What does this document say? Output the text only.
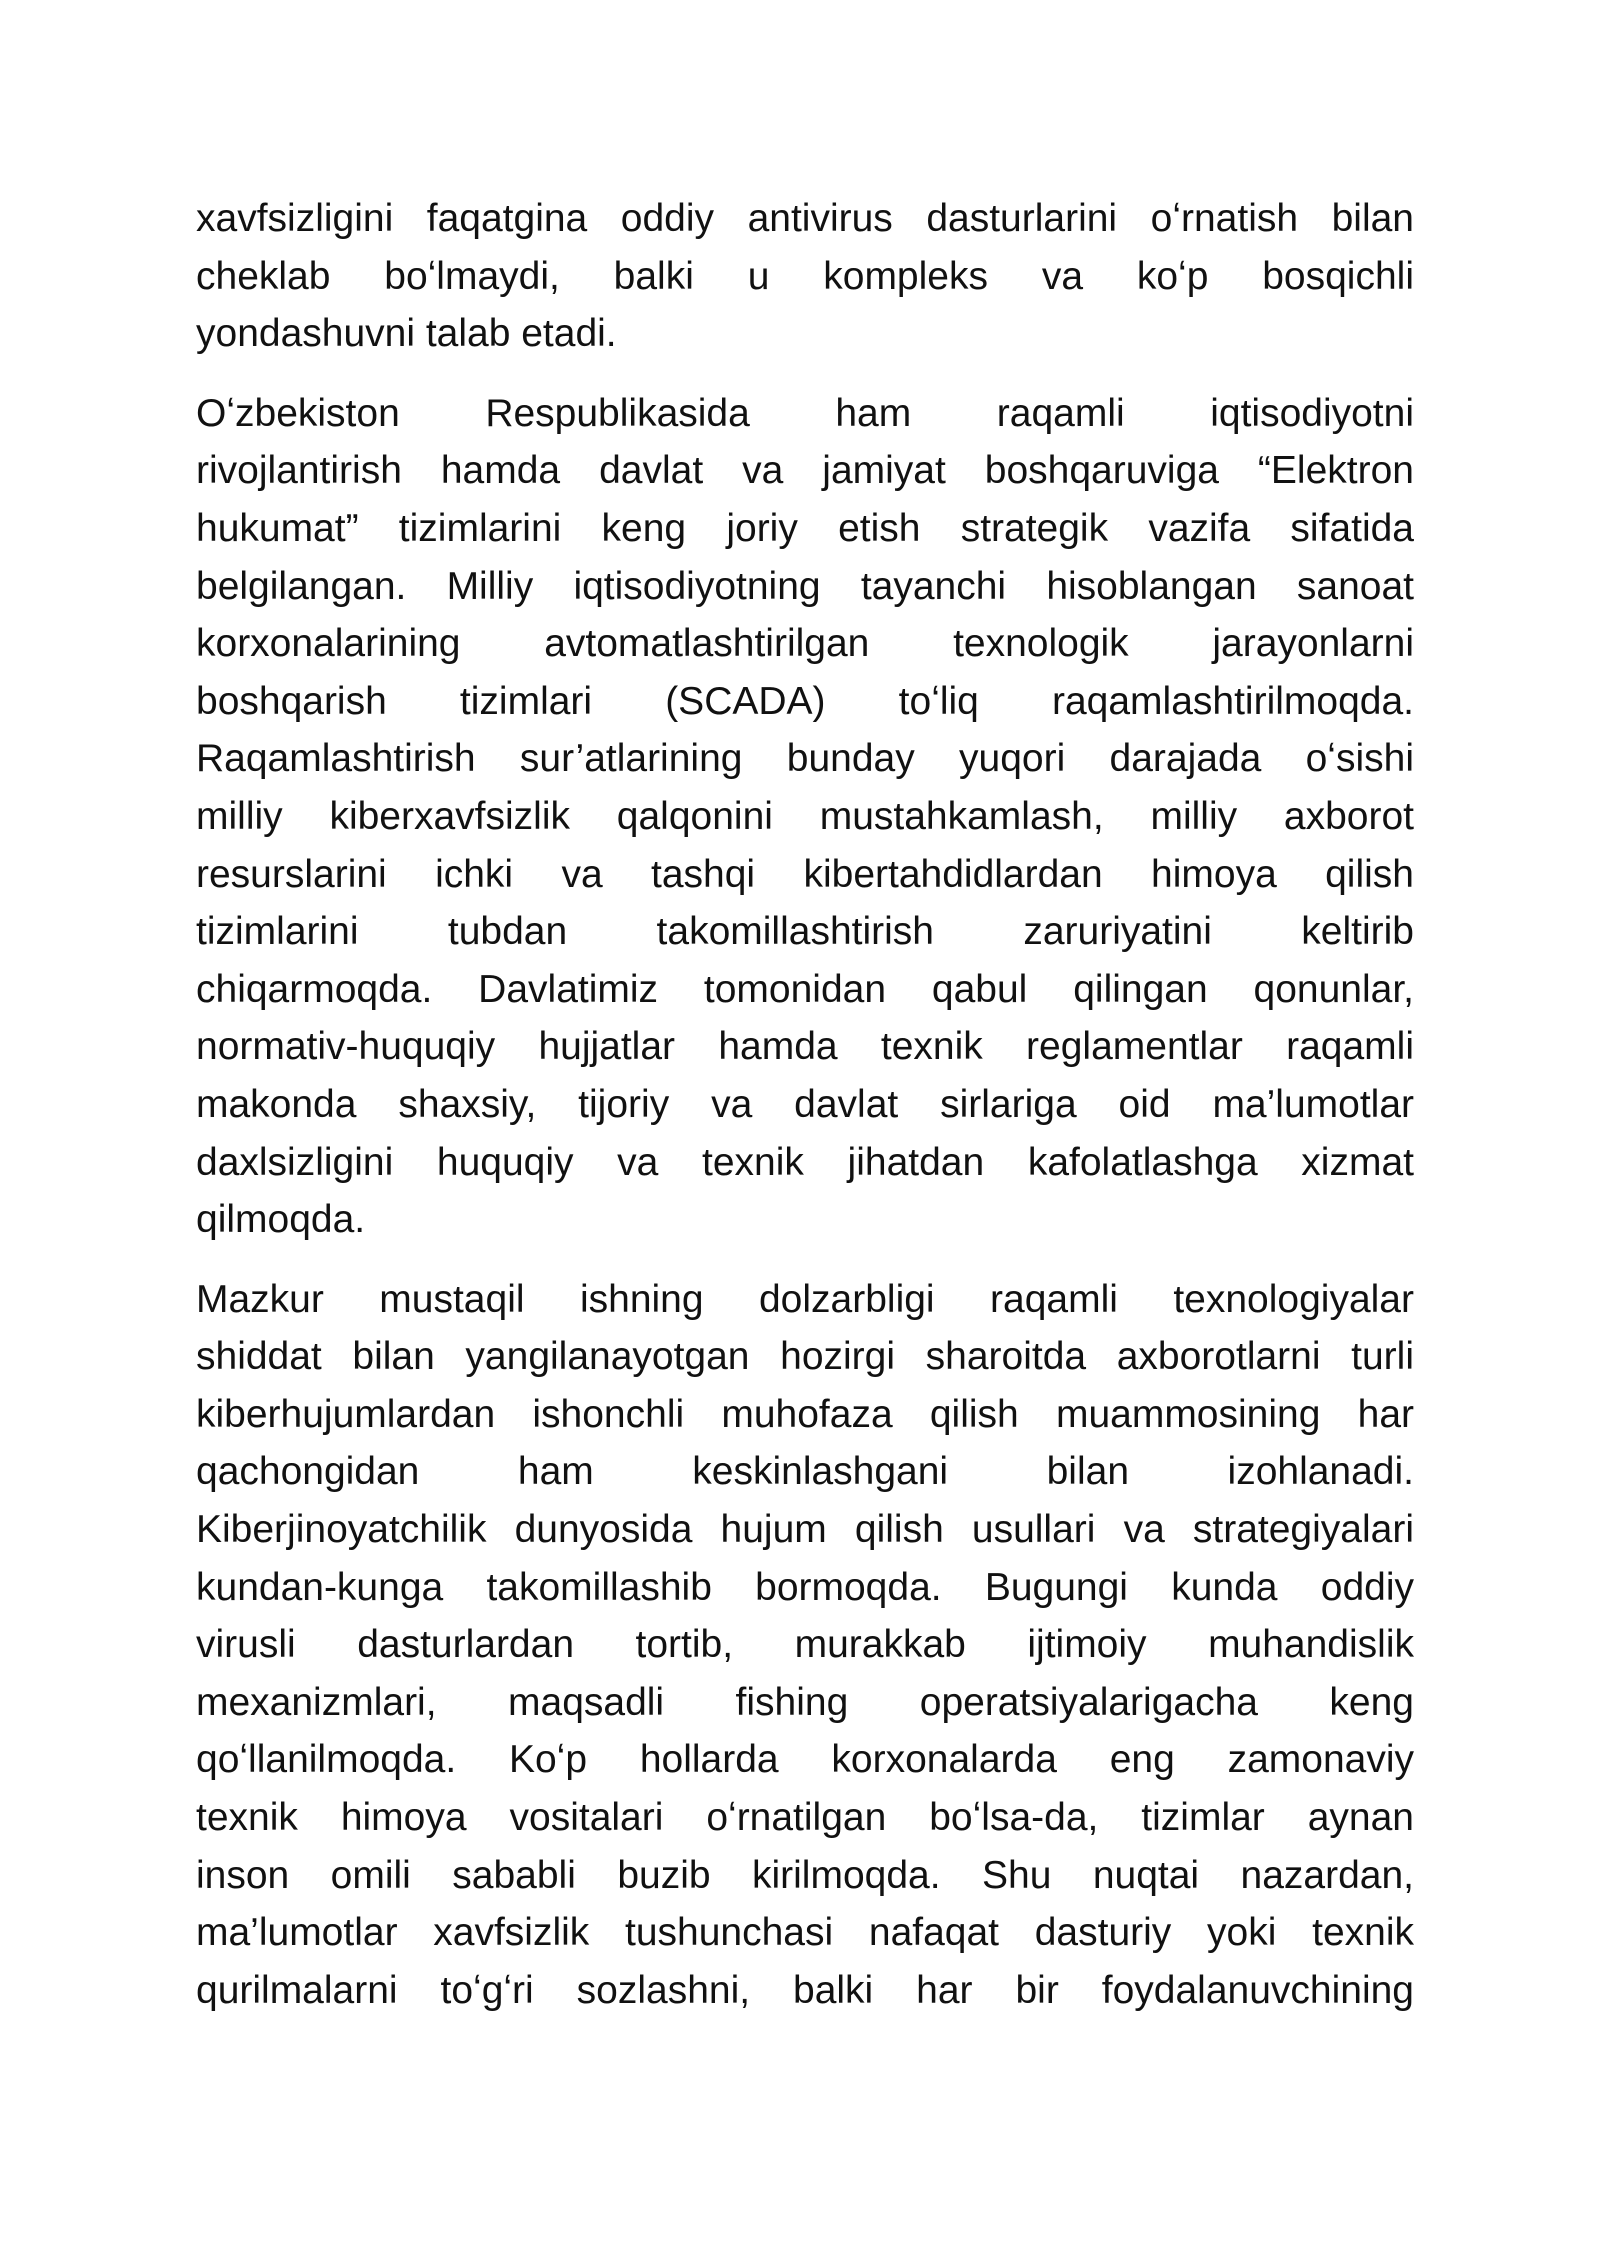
xavfsizligini faqatgina oddiy antivirus dasturlarini oʻrnatish bilan
cheklab boʻlmaydi, balki u kompleks va koʻp bosqichli
yondashuvni talab etadi.
Oʻzbekiston Respublikasida ham raqamli iqtisodiyotni
rivojlantirish hamda davlat va jamiyat boshqaruviga “Elektron
hukumat” tizimlarini keng joriy etish strategik vazifa sifatida
belgilangan. Milliy iqtisodiyotning tayanchi hisoblangan sanoat
korxonalarining avtomatlashtirilgan texnologik jarayonlarni
boshqarish tizimlari (SCADA) toʻliq raqamlashtirilmoqda.
Raqamlashtirish sur’atlarining bunday yuqori darajada oʻsishi
milliy kiberxavfsizlik qalqonini mustahkamlash, milliy axborot
resurslarini ichki va tashqi kibertahdidlardan himoya qilish
tizimlarini tubdan takomillashtirish zaruriyatini keltirib
chiqarmoqda. Davlatimiz tomonidan qabul qilingan qonunlar,
normativ-huquqiy hujjatlar hamda texnik reglamentlar raqamli
makonda shaxsiy, tijoriy va davlat sirlariga oid ma’lumotlar
daxlsizligini huquqiy va texnik jihatdan kafolatlashga xizmat
qilmoqda.
Mazkur mustaqil ishning dolzarbligi raqamli texnologiyalar
shiddat bilan yangilanayotgan hozirgi sharoitda axborotlarni turli
kiberhujumlardan ishonchli muhofaza qilish muammosining har
qachongidan ham keskinlashgani bilan izohlanadi.
Kiberjinoyatchilik dunyosida hujum qilish usullari va strategiyalari
kundan-kunga takomillashib bormoqda. Bugungi kunda oddiy
virusli dasturlardan tortib, murakkab ijtimoiy muhandislik
mexanizmlari, maqsadli fishing operatsiyalarigacha keng
qoʻllanilmoqda. Koʻp hollarda korxonalarda eng zamonaviy
texnik himoya vositalari oʻrnatilgan boʻlsa-da, tizimlar aynan
inson omili sababli buzib kirilmoqda. Shu nuqtai nazardan,
ma’lumotlar xavfsizlik tushunchasi nafaqat dasturiy yoki texnik
qurilmalarni toʻgʻri sozlashni, balki har bir foydalanuvchining
